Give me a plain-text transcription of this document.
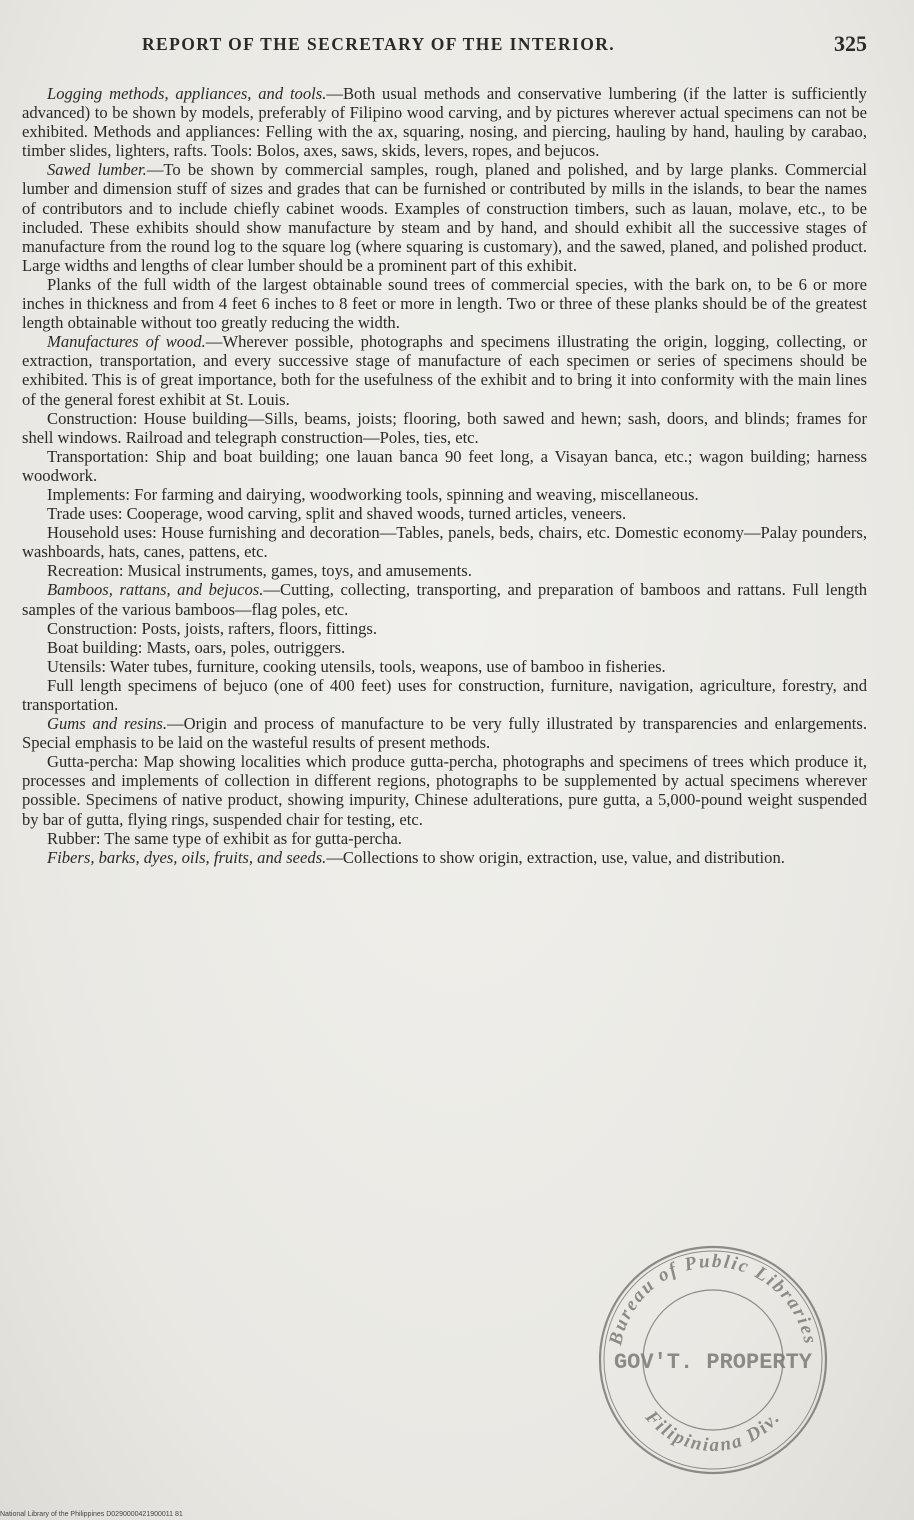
REPORT OF THE SECRETARY OF THE INTERIOR.	325

Logging methods, appliances, and tools.—Both usual methods and conservative lumbering (if the latter is sufficiently advanced) to be shown by models, preferably of Filipino wood carving, and by pictures wherever actual specimens can not be exhibited. Methods and appliances: Felling with the ax, squaring, nosing, and piercing, hauling by hand, hauling by carabao, timber slides, lighters, rafts. Tools: Bolos, axes, saws, skids, levers, ropes, and bejucos.

Sawed lumber.—To be shown by commercial samples, rough, planed and polished, and by large planks. Commercial lumber and dimension stuff of sizes and grades that can be furnished or contributed by mills in the islands, to bear the names of contributors and to include chiefly cabinet woods. Examples of construction timbers, such as lauan, molave, etc., to be included. These exhibits should show manufacture by steam and by hand, and should exhibit all the successive stages of manufacture from the round log to the square log (where squaring is customary), and the sawed, planed, and polished product. Large widths and lengths of clear lumber should be a prominent part of this exhibit.

Planks of the full width of the largest obtainable sound trees of commercial species, with the bark on, to be 6 or more inches in thickness and from 4 feet 6 inches to 8 feet or more in length. Two or three of these planks should be of the greatest length obtainable without too greatly reducing the width.

Manufactures of wood.—Wherever possible, photographs and specimens illustrating the origin, logging, collecting, or extraction, transportation, and every successive stage of manufacture of each specimen or series of specimens should be exhibited. This is of great importance, both for the usefulness of the exhibit and to bring it into conformity with the main lines of the general forest exhibit at St. Louis.

Construction: House building—Sills, beams, joists; flooring, both sawed and hewn; sash, doors, and blinds; frames for shell windows. Railroad and telegraph construction—Poles, ties, etc.

Transportation: Ship and boat building; one lauan banca 90 feet long, a Visayan banca, etc.; wagon building; harness woodwork.

Implements: For farming and dairying, woodworking tools, spinning and weaving, miscellaneous.

Trade uses: Cooperage, wood carving, split and shaved woods, turned articles, veneers.

Household uses: House furnishing and decoration—Tables, panels, beds, chairs, etc. Domestic economy—Palay pounders, washboards, hats, canes, pattens, etc.

Recreation: Musical instruments, games, toys, and amusements.

Bamboos, rattans, and bejucos.—Cutting, collecting, transporting, and preparation of bamboos and rattans. Full length samples of the various bamboos—flag poles, etc.

Construction: Posts, joists, rafters, floors, fittings.

Boat building: Masts, oars, poles, outriggers.

Utensils: Water tubes, furniture, cooking utensils, tools, weapons, use of bamboo in fisheries.

Full length specimens of bejuco (one of 400 feet) uses for construction, furniture, navigation, agriculture, forestry, and transportation.

Gums and resins.—Origin and process of manufacture to be very fully illustrated by transparencies and enlargements. Special emphasis to be laid on the wasteful results of present methods.

Gutta-percha: Map showing localities which produce gutta-percha, photographs and specimens of trees which produce it, processes and implements of collection in different regions, photographs to be supplemented by actual specimens wherever possible. Specimens of native product, showing impurity, Chinese adulterations, pure gutta, a 5,000-pound weight suspended by bar of gutta, flying rings, suspended chair for testing, etc.

Rubber: The same type of exhibit as for gutta-percha.

Fibers, barks, dyes, oils, fruits, and seeds.—Collections to show origin, extraction, use, value, and distribution.

Bureau of Public Libraries
Filipiniana Div.
GOV'T. PROPERTY
National Library of the Philippines D0290000421900011 81
